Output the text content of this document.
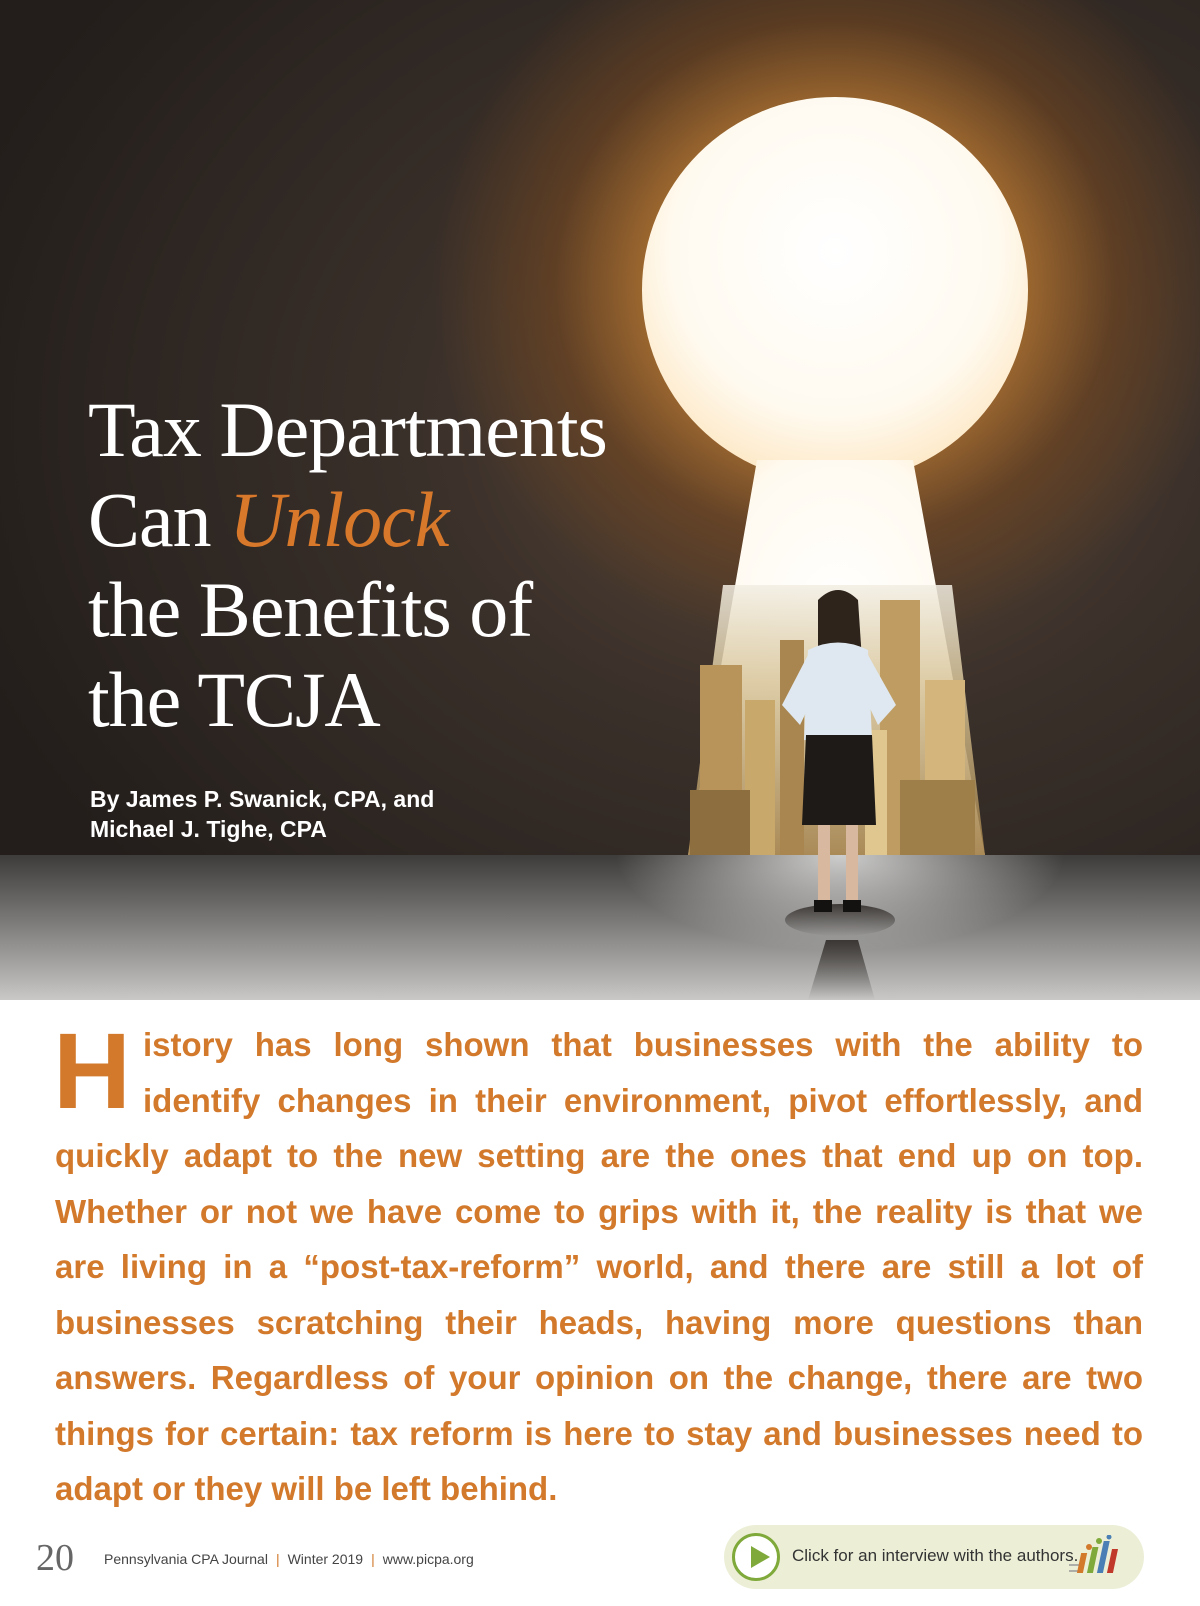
Tax Departments
Can Unlock
the Benefits of
the TCJA
By James P. Swanick, CPA, and
Michael J. Tighe, CPA

History has long shown that businesses with the ability to identify changes in their environment, pivot effortlessly, and quickly adapt to the new setting are the ones that end up on top. Whether or not we have come to grips with it, the reality is that we are living in a “post-tax-reform” world, and there are still a lot of businesses scratching their heads, having more questions than answers. Regardless of your opinion on the change, there are two things for certain: tax reform is here to stay and businesses need to adapt or they will be left behind.

20 Pennsylvania CPA Journal | Winter 2019 | www.picpa.org	Click for an interview with the authors.
